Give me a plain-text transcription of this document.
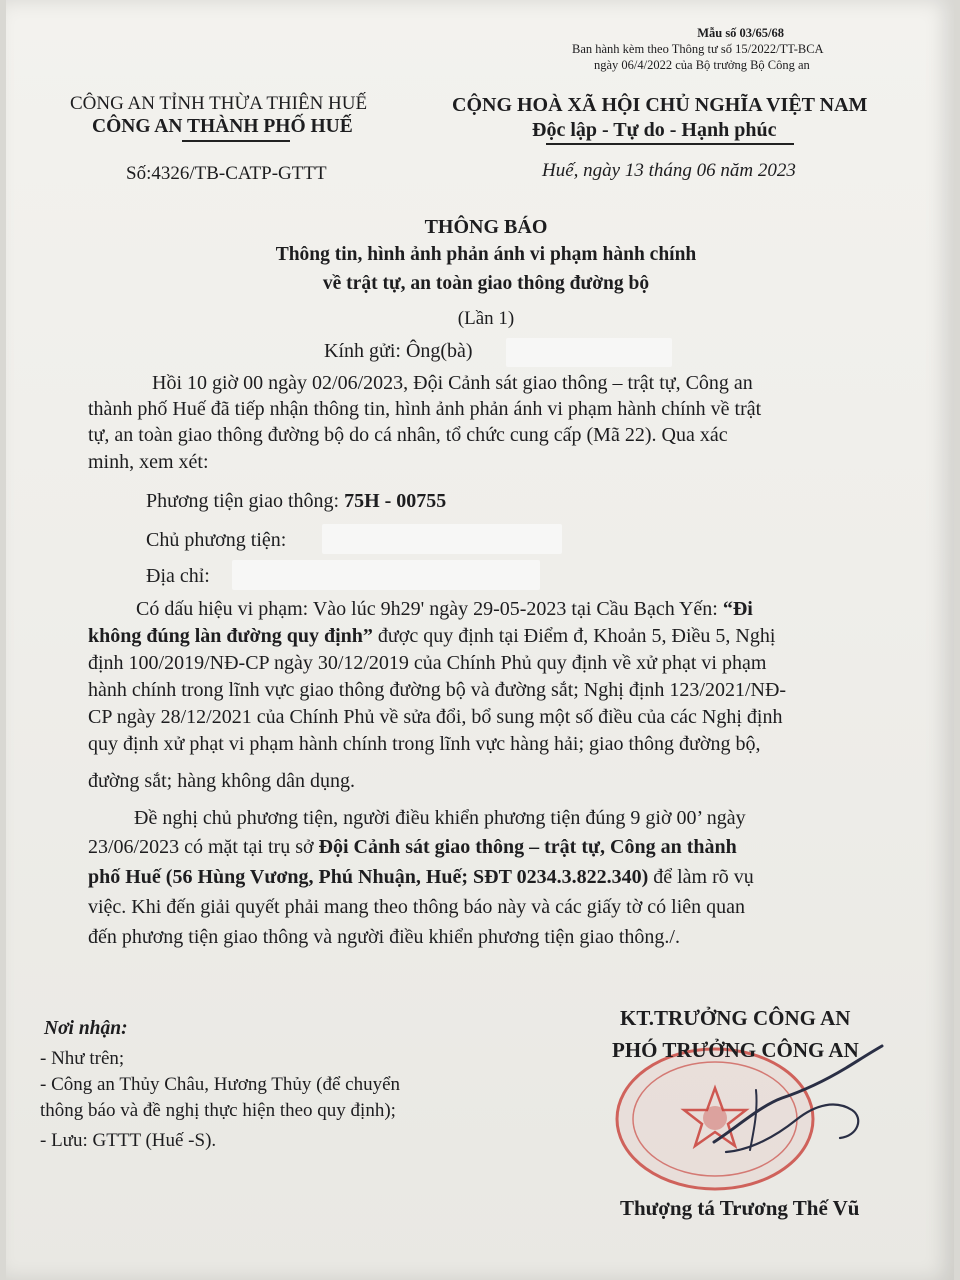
Mẫu số 03/65/68
Ban hành kèm theo Thông tư số 15/2022/TT-BCA
ngày 06/4/2022 của Bộ trưởng Bộ Công an
CÔNG AN TỈNH THỪA THIÊN HUẾ
CÔNG AN THÀNH PHỐ HUẾ
CỘNG HOÀ XÃ HỘI CHỦ NGHĨA VIỆT NAM
Độc lập - Tự do - Hạnh phúc
Số:4326/TB-CATP-GTTT	Huế, ngày 13 tháng 06 năm 2023
THÔNG BÁO
Thông tin, hình ảnh phản ánh vi phạm hành chính
về trật tự, an toàn giao thông đường bộ
(Lần 1)
Kính gửi: Ông(bà)
Hồi 10 giờ 00 ngày 02/06/2023, Đội Cảnh sát giao thông – trật tự, Công an
thành phố Huế đã tiếp nhận thông tin, hình ảnh phản ánh vi phạm hành chính về trật
tự, an toàn giao thông đường bộ do cá nhân, tổ chức cung cấp (Mã 22). Qua xác
minh, xem xét:
Phương tiện giao thông: 75H - 00755
Chủ phương tiện:
Địa chỉ:
Có dấu hiệu vi phạm: Vào lúc 9h29' ngày 29-05-2023 tại Cầu Bạch Yến: “Đi
không đúng làn đường quy định” được quy định tại Điểm đ, Khoản 5, Điều 5, Nghị
định 100/2019/NĐ-CP ngày 30/12/2019 của Chính Phủ quy định về xử phạt vi phạm
hành chính trong lĩnh vực giao thông đường bộ và đường sắt; Nghị định 123/2021/NĐ-
CP ngày 28/12/2021 của Chính Phủ về sửa đổi, bổ sung một số điều của các Nghị định
quy định xử phạt vi phạm hành chính trong lĩnh vực hàng hải; giao thông đường bộ,
đường sắt; hàng không dân dụng.
Đề nghị chủ phương tiện, người điều khiển phương tiện đúng 9 giờ 00’ ngày
23/06/2023 có mặt tại trụ sở Đội Cảnh sát giao thông – trật tự, Công an thành
phố Huế (56 Hùng Vương, Phú Nhuận, Huế; SĐT 0234.3.822.340) để làm rõ vụ
việc. Khi đến giải quyết phải mang theo thông báo này và các giấy tờ có liên quan
đến phương tiện giao thông và người điều khiển phương tiện giao thông./.
Nơi nhận:
- Như trên;
- Công an Thủy Châu, Hương Thủy (để chuyển
thông báo và đề nghị thực hiện theo quy định);
- Lưu: GTTT (Huế -S).
KT.TRƯỞNG CÔNG AN
PHÓ TRƯỞNG CÔNG AN
Thượng tá Trương Thế Vũ
